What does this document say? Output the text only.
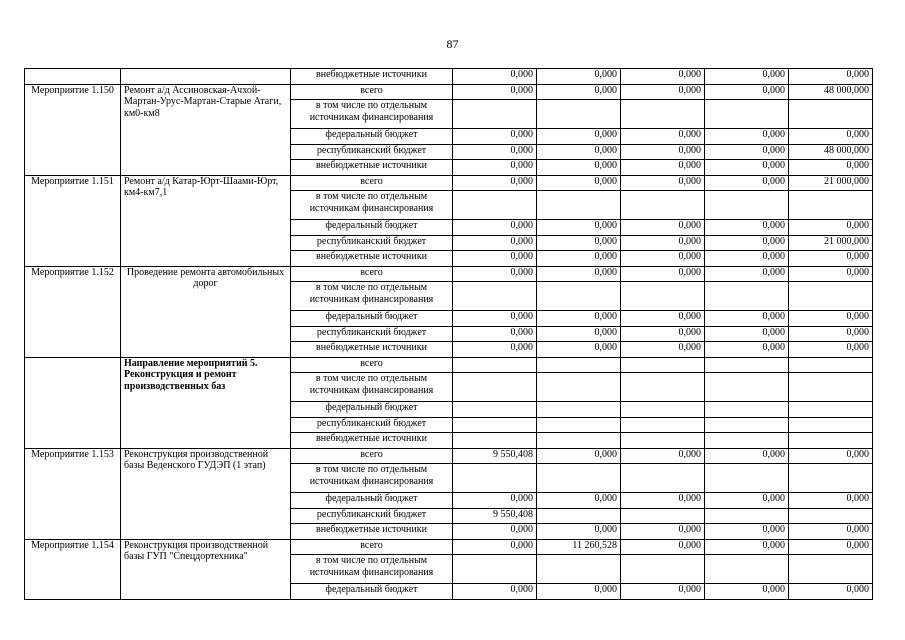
87
		внебюджетные источники	0,000	0,000	0,000	0,000	0,000
Мероприятие 1.150	Ремонт а/д Ассиновская-Ачхой-Мартан-Урус-Мартан-Старые Атаги, км0-км8	всего	0,000	0,000	0,000	0,000	48 000,000
		в том числе по отдельным источникам финансирования					
		федеральный бюджет	0,000	0,000	0,000	0,000	0,000
		республиканский бюджет	0,000	0,000	0,000	0,000	48 000,000
		внебюджетные источники	0,000	0,000	0,000	0,000	0,000
Мероприятие 1.151	Ремонт а/д Катар-Юрт-Шаами-Юрт, км4-км7,1	всего	0,000	0,000	0,000	0,000	21 000,000
		в том числе по отдельным источникам финансирования					
		федеральный бюджет	0,000	0,000	0,000	0,000	0,000
		республиканский бюджет	0,000	0,000	0,000	0,000	21 000,000
		внебюджетные источники	0,000	0,000	0,000	0,000	0,000
Мероприятие 1.152	Проведение ремонта автомобильных дорог	всего	0,000	0,000	0,000	0,000	0,000
		в том числе по отдельным источникам финансирования					
		федеральный бюджет	0,000	0,000	0,000	0,000	0,000
		республиканский бюджет	0,000	0,000	0,000	0,000	0,000
		внебюджетные источники	0,000	0,000	0,000	0,000	0,000
	Направление мероприятий 5. Реконструкция и ремонт производственных баз	всего					
		в том числе по отдельным источникам финансирования					
		федеральный бюджет					
		республиканский бюджет					
		внебюджетные источники					
Мероприятие 1.153	Реконструкция производственной базы Веденского ГУДЭП (1 этап)	всего	9 550,408	0,000	0,000	0,000	0,000
		в том числе по отдельным источникам финансирования					
		федеральный бюджет	0,000	0,000	0,000	0,000	0,000
		республиканский бюджет	9 550,408				
		внебюджетные источники	0,000	0,000	0,000	0,000	0,000
Мероприятие 1.154	Реконструкция производственной базы ГУП "Спецдортехника"	всего	0,000	11 260,528	0,000	0,000	0,000
		в том числе по отдельным источникам финансирования					
		федеральный бюджет	0,000	0,000	0,000	0,000	0,000
